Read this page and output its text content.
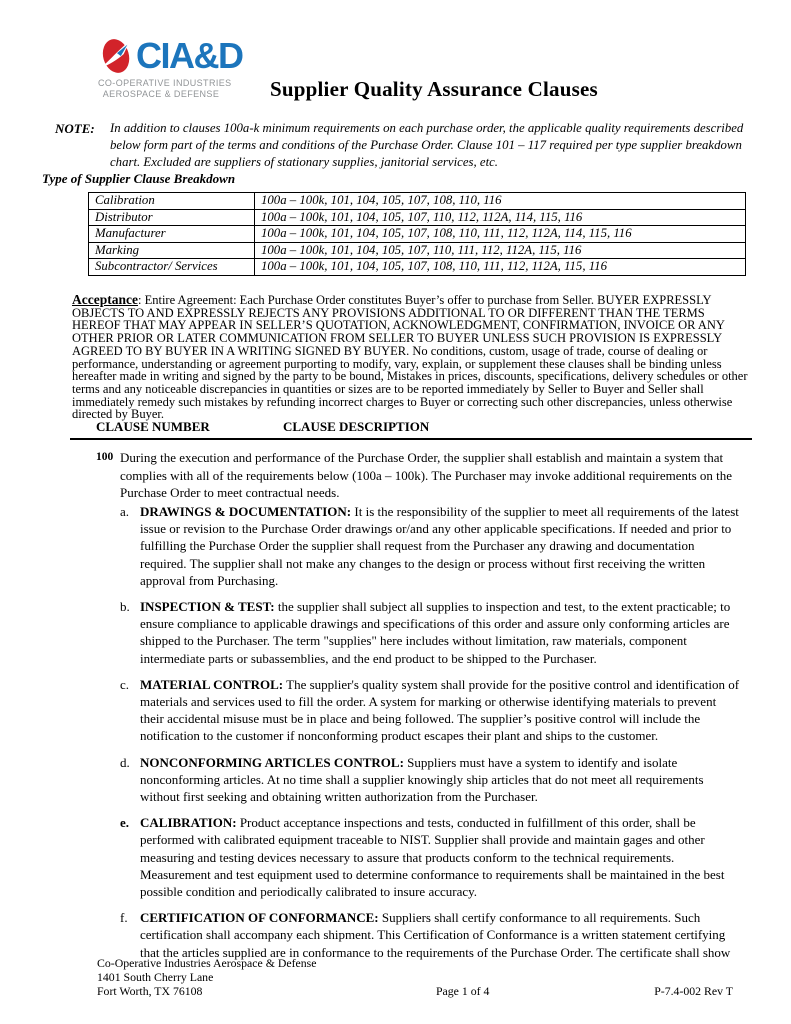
CIA&D
CO-OPERATIVE INDUSTRIES
AEROSPACE & DEFENSE Supplier Quality Assurance Clauses
NOTE:	In addition to clauses 100a-k minimum requirements on each purchase order, the applicable quality requirements described below form part of the terms and conditions of the Purchase Order. Clause 101 – 117 required per type supplier breakdown chart. Excluded are suppliers of stationary supplies, janitorial services, etc.
Type of Supplier Clause Breakdown
Calibration	100a – 100k, 101, 104, 105, 107, 108, 110, 116
Distributor	100a – 100k, 101, 104, 105, 107, 110, 112, 112A, 114, 115, 116
Manufacturer	100a – 100k, 101, 104, 105, 107, 108, 110, 111, 112, 112A, 114, 115, 116
Marking	100a – 100k, 101, 104, 105, 107, 110, 111, 112, 112A, 115, 116
Subcontractor/ Services	100a – 100k, 101, 104, 105, 107, 108, 110, 111, 112, 112A, 115, 116

Acceptance: Entire Agreement: Each Purchase Order constitutes Buyer’s offer to purchase from Seller. BUYER EXPRESSLY OBJECTS TO AND EXPRESSLY REJECTS ANY PROVISIONS ADDITIONAL TO OR DIFFERENT THAN THE TERMS HEREOF THAT MAY APPEAR IN SELLER’S QUOTATION, ACKNOWLEDGMENT, CONFIRMATION, INVOICE OR ANY OTHER PRIOR OR LATER COMMUNICATION FROM SELLER TO BUYER UNLESS SUCH PROVISION IS EXPRESSLY AGREED TO BY BUYER IN A WRITING SIGNED BY BUYER. No conditions, custom, usage of trade, course of dealing or performance, understanding or agreement purporting to modify, vary, explain, or supplement these clauses shall be binding unless hereafter made in writing and signed by the party to be bound, Mistakes in prices, discounts, specifications, delivery schedules or other terms and any noticeable discrepancies in quantities or sizes are to be reported immediately by Seller to Buyer and Seller shall immediately remedy such mistakes by refunding incorrect charges to Buyer or correcting such other discrepancies, unless otherwise directed by Buyer.

CLAUSE NUMBER	CLAUSE DESCRIPTION
100 During the execution and performance of the Purchase Order, the supplier shall establish and maintain a system that complies with all of the requirements below (100a – 100k). The Purchaser may invoke additional requirements on the Purchase Order to meet contractual needs.
a. DRAWINGS & DOCUMENTATION: It is the responsibility of the supplier to meet all requirements of the latest issue or revision to the Purchase Order drawings or/and any other applicable specifications. If needed and prior to fulfilling the Purchase Order the supplier shall request from the Purchaser any drawing and documentation required. The supplier shall not make any changes to the design or process without first receiving the written approval from Purchasing.
b. INSPECTION & TEST: the supplier shall subject all supplies to inspection and test, to the extent practicable; to ensure compliance to applicable drawings and specifications of this order and assure only conforming articles are shipped to the Purchaser. The term "supplies" here includes without limitation, raw materials, component intermediate parts or subassemblies, and the end product to be shipped to the Purchaser.
c. MATERIAL CONTROL: The supplier's quality system shall provide for the positive control and identification of materials and services used to fill the order. A system for marking or otherwise identifying materials to prevent their accidental misuse must be in place and being followed. The supplier’s positive control will include the notification to the customer if nonconforming product escapes their plant and ships to the customer.
d. NONCONFORMING ARTICLES CONTROL: Suppliers must have a system to identify and isolate nonconforming articles. At no time shall a supplier knowingly ship articles that do not meet all requirements without first seeking and obtaining written authorization from the Purchaser.
e. CALIBRATION: Product acceptance inspections and tests, conducted in fulfillment of this order, shall be performed with calibrated equipment traceable to NIST. Supplier shall provide and maintain gages and other measuring and testing devices necessary to assure that products conform to the technical requirements. Measurement and test equipment used to determine conformance to requirements shall be maintained in the best possible condition and periodically calibrated to insure accuracy.
f. CERTIFICATION OF CONFORMANCE: Suppliers shall certify conformance to all requirements. Such certification shall accompany each shipment. This Certification of Conformance is a written statement certifying that the articles supplied are in conformance to the requirements of the Purchase Order. The certificate shall show
Co-Operative Industries Aerospace & Defense
1401 South Cherry Lane
Fort Worth, TX 76108	Page 1 of 4	P-7.4-002 Rev T
